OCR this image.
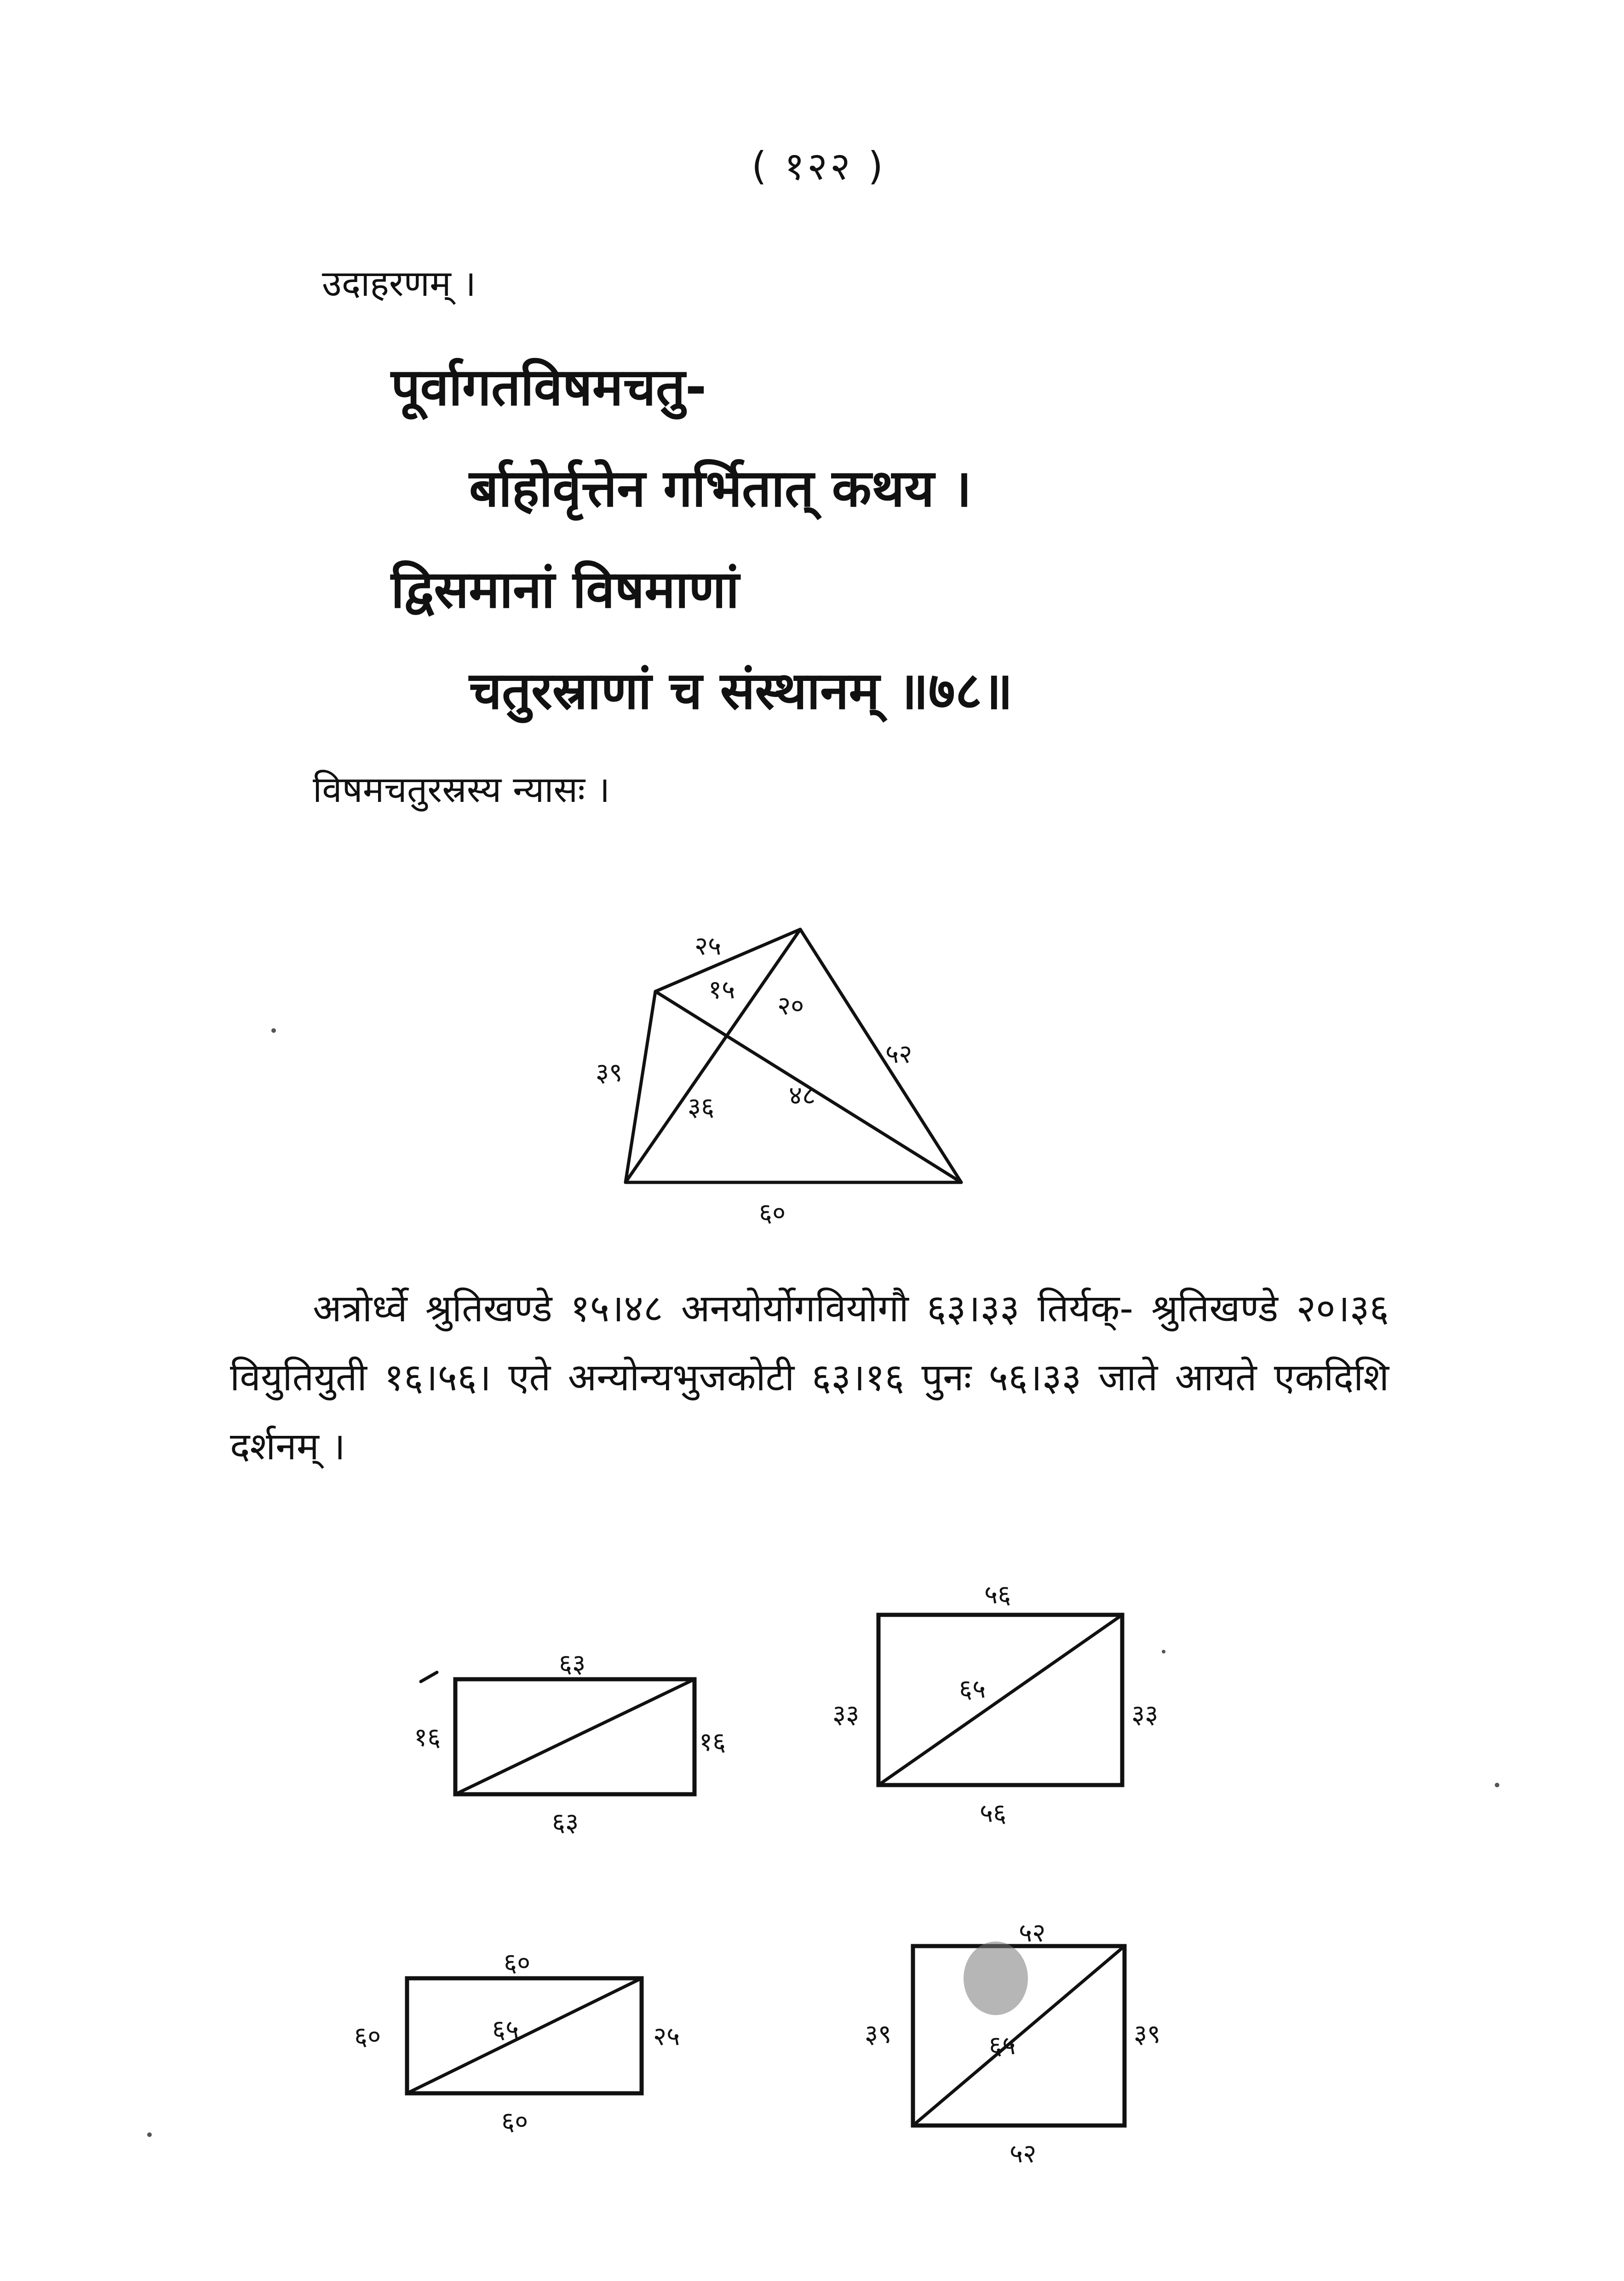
( १२२ )
उदाहरणम् ।
पूर्वागतविषमचतु-
र्बाहोर्वृत्तेन गर्भितात् कथय ।
द्विसमानां विषमाणां
चतुरस्राणां च संस्थानम् ॥७८॥
विषमचतुरस्रस्य न्यासः ।
२५
३९
५२
६०
१५
२०
३६	४८

अत्रोर्ध्वे श्रुतिखण्डे १५।४८ अनयोर्योगवियोगौ ६३।३३ तिर्यक्- श्रुतिखण्डे २०।३६ वियुतियुती १६।५६। एते अन्योन्यभुजकोटी ६३।१६ पुनः ५६।३३ जाते आयते एकदिशि दर्शनम् ।

६३
६३
१६	१६
५६
५६
३३	३३
६५
६०
६०
६०	२५
६५
५२
५२
३९	३९
६५
